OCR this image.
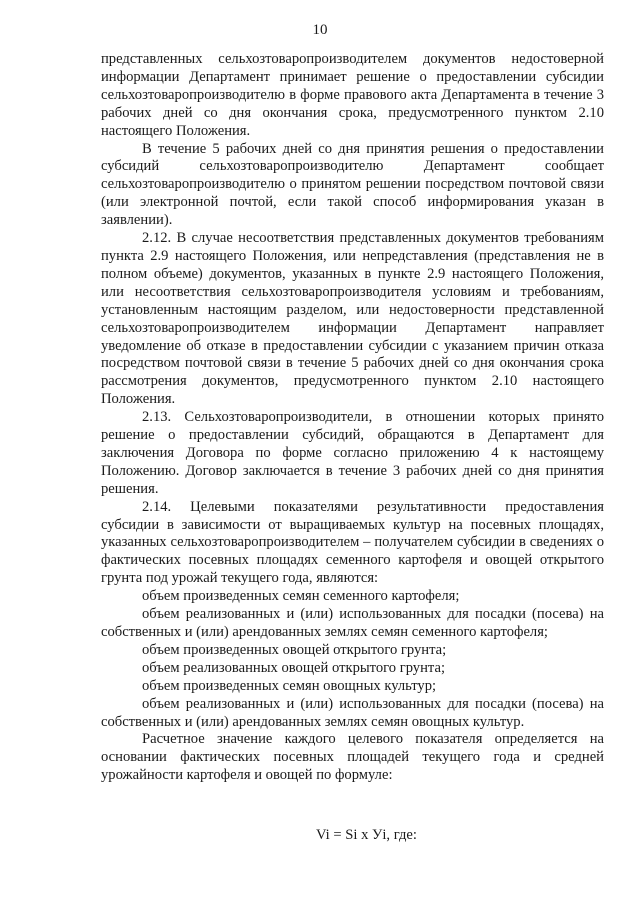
10

представленных сельхозтоваропроизводителем документов недостоверной информации Департамент принимает решение о предоставлении субсидии сельхозтоваропроизводителю в форме правового акта Департамента в течение 3 рабочих дней со дня окончания срока, предусмотренного пунктом 2.10 настоящего Положения.

В течение 5 рабочих дней со дня принятия решения о предоставлении субсидий сельхозтоваропроизводителю Департамент сообщает сельхозтоваропроизводителю о принятом решении посредством почтовой связи (или электронной почтой, если такой способ информирования указан в заявлении).

2.12. В случае несоответствия представленных документов требованиям пункта 2.9 настоящего Положения, или непредставления (представления не в полном объеме) документов, указанных в пункте 2.9 настоящего Положения, или несоответствия сельхозтоваропроизводителя условиям и требованиям, установленным настоящим разделом, или недостоверности представленной сельхозтоваропроизводителем информации Департамент направляет уведомление об отказе в предоставлении субсидии с указанием причин отказа посредством почтовой связи в течение 5 рабочих дней со дня окончания срока рассмотрения документов, предусмотренного пунктом 2.10 настоящего Положения.

2.13. Сельхозтоваропроизводители, в отношении которых принято решение о предоставлении субсидий, обращаются в Департамент для заключения Договора по форме согласно приложению 4 к настоящему Положению. Договор заключается в течение 3 рабочих дней со дня принятия решения.

2.14. Целевыми показателями результативности предоставления субсидии в зависимости от выращиваемых культур на посевных площадях, указанных сельхозтоваропроизводителем – получателем субсидии в сведениях о фактических посевных площадях семенного картофеля и овощей открытого грунта под урожай текущего года, являются:

объем произведенных семян семенного картофеля;

объем реализованных и (или) использованных для посадки (посева) на собственных и (или) арендованных землях семян семенного картофеля;

объем произведенных овощей открытого грунта;

объем реализованных овощей открытого грунта;

объем произведенных семян овощных культур;

объем реализованных и (или) использованных для посадки (посева) на собственных и (или) арендованных землях семян овощных культур.

Расчетное значение каждого целевого показателя определяется на основании фактических посевных площадей текущего года и средней урожайности картофеля и овощей по формуле:

Vi = Si x Уi, где:
